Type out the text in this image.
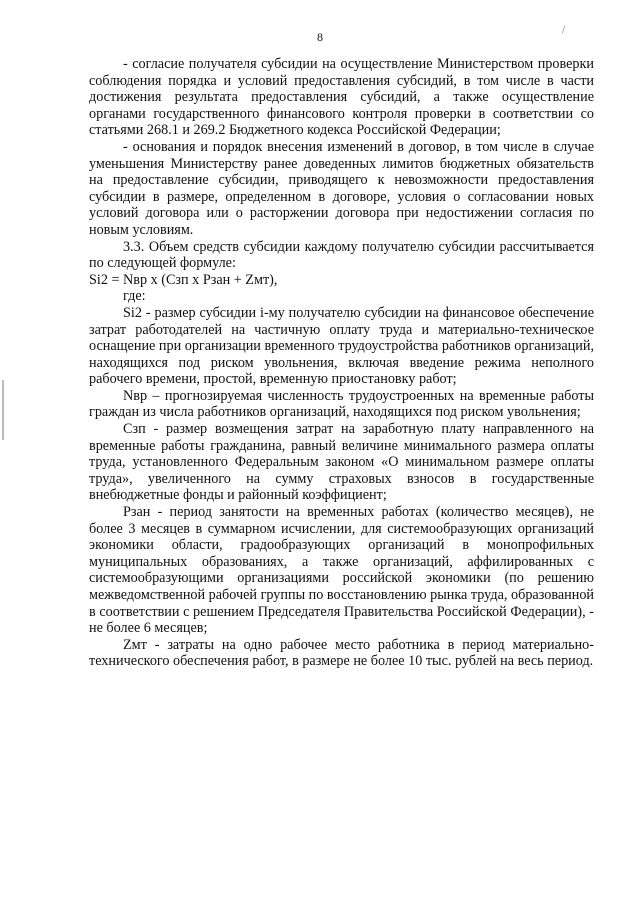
8
/

- согласие получателя субсидии на осуществление Министерством проверки соблюдения порядка и условий предоставления субсидий, в том числе в части достижения результата предоставления субсидий, а также осуществление органами государственного финансового контроля проверки в соответствии со статьями 268.1 и 269.2 Бюджетного кодекса Российской Федерации;

- основания и порядок внесения изменений в договор, в том числе в случае уменьшения Министерству ранее доведенных лимитов бюджетных обязательств на предоставление субсидии, приводящего к невозможности предоставления субсидии в размере, определенном в договоре, условия о согласовании новых условий договора или о расторжении договора при недостижении согласия по новым условиям.

3.3. Объем средств субсидии каждому получателю субсидии рассчитывается по следующей формуле:

Si2 = Nвр х (Сзп х Рзан + Zмт),

где:

Si2 - размер субсидии i-му получателю субсидии на финансовое обеспечение затрат работодателей на частичную оплату труда и материально-техническое оснащение при организации временного трудоустройства работников организаций, находящихся под риском увольнения, включая введение режима неполного рабочего времени, простой, временную приостановку работ;

Nвр – прогнозируемая численность трудоустроенных на временные работы граждан из числа работников организаций, находящихся под риском увольнения;

Сзп - размер возмещения затрат на заработную плату направленного на временные работы гражданина, равный величине минимального размера оплаты труда, установленного Федеральным законом «О минимальном размере оплаты труда», увеличенного на сумму страховых взносов в государственные внебюджетные фонды и районный коэффициент;

Рзан - период занятости на временных работах (количество месяцев), не более 3 месяцев в суммарном исчислении, для системообразующих организаций экономики области, градообразующих организаций в монопрофильных муниципальных образованиях, а также организаций, аффилированных с системообразующими организациями российской экономики (по решению межведомственной рабочей группы по восстановлению рынка труда, образованной в соответствии с решением Председателя Правительства Российской Федерации), - не более 6 месяцев;

Zмт - затраты на одно рабочее место работника в период материально-технического обеспечения работ, в размере не более 10 тыс. рублей на весь период.
